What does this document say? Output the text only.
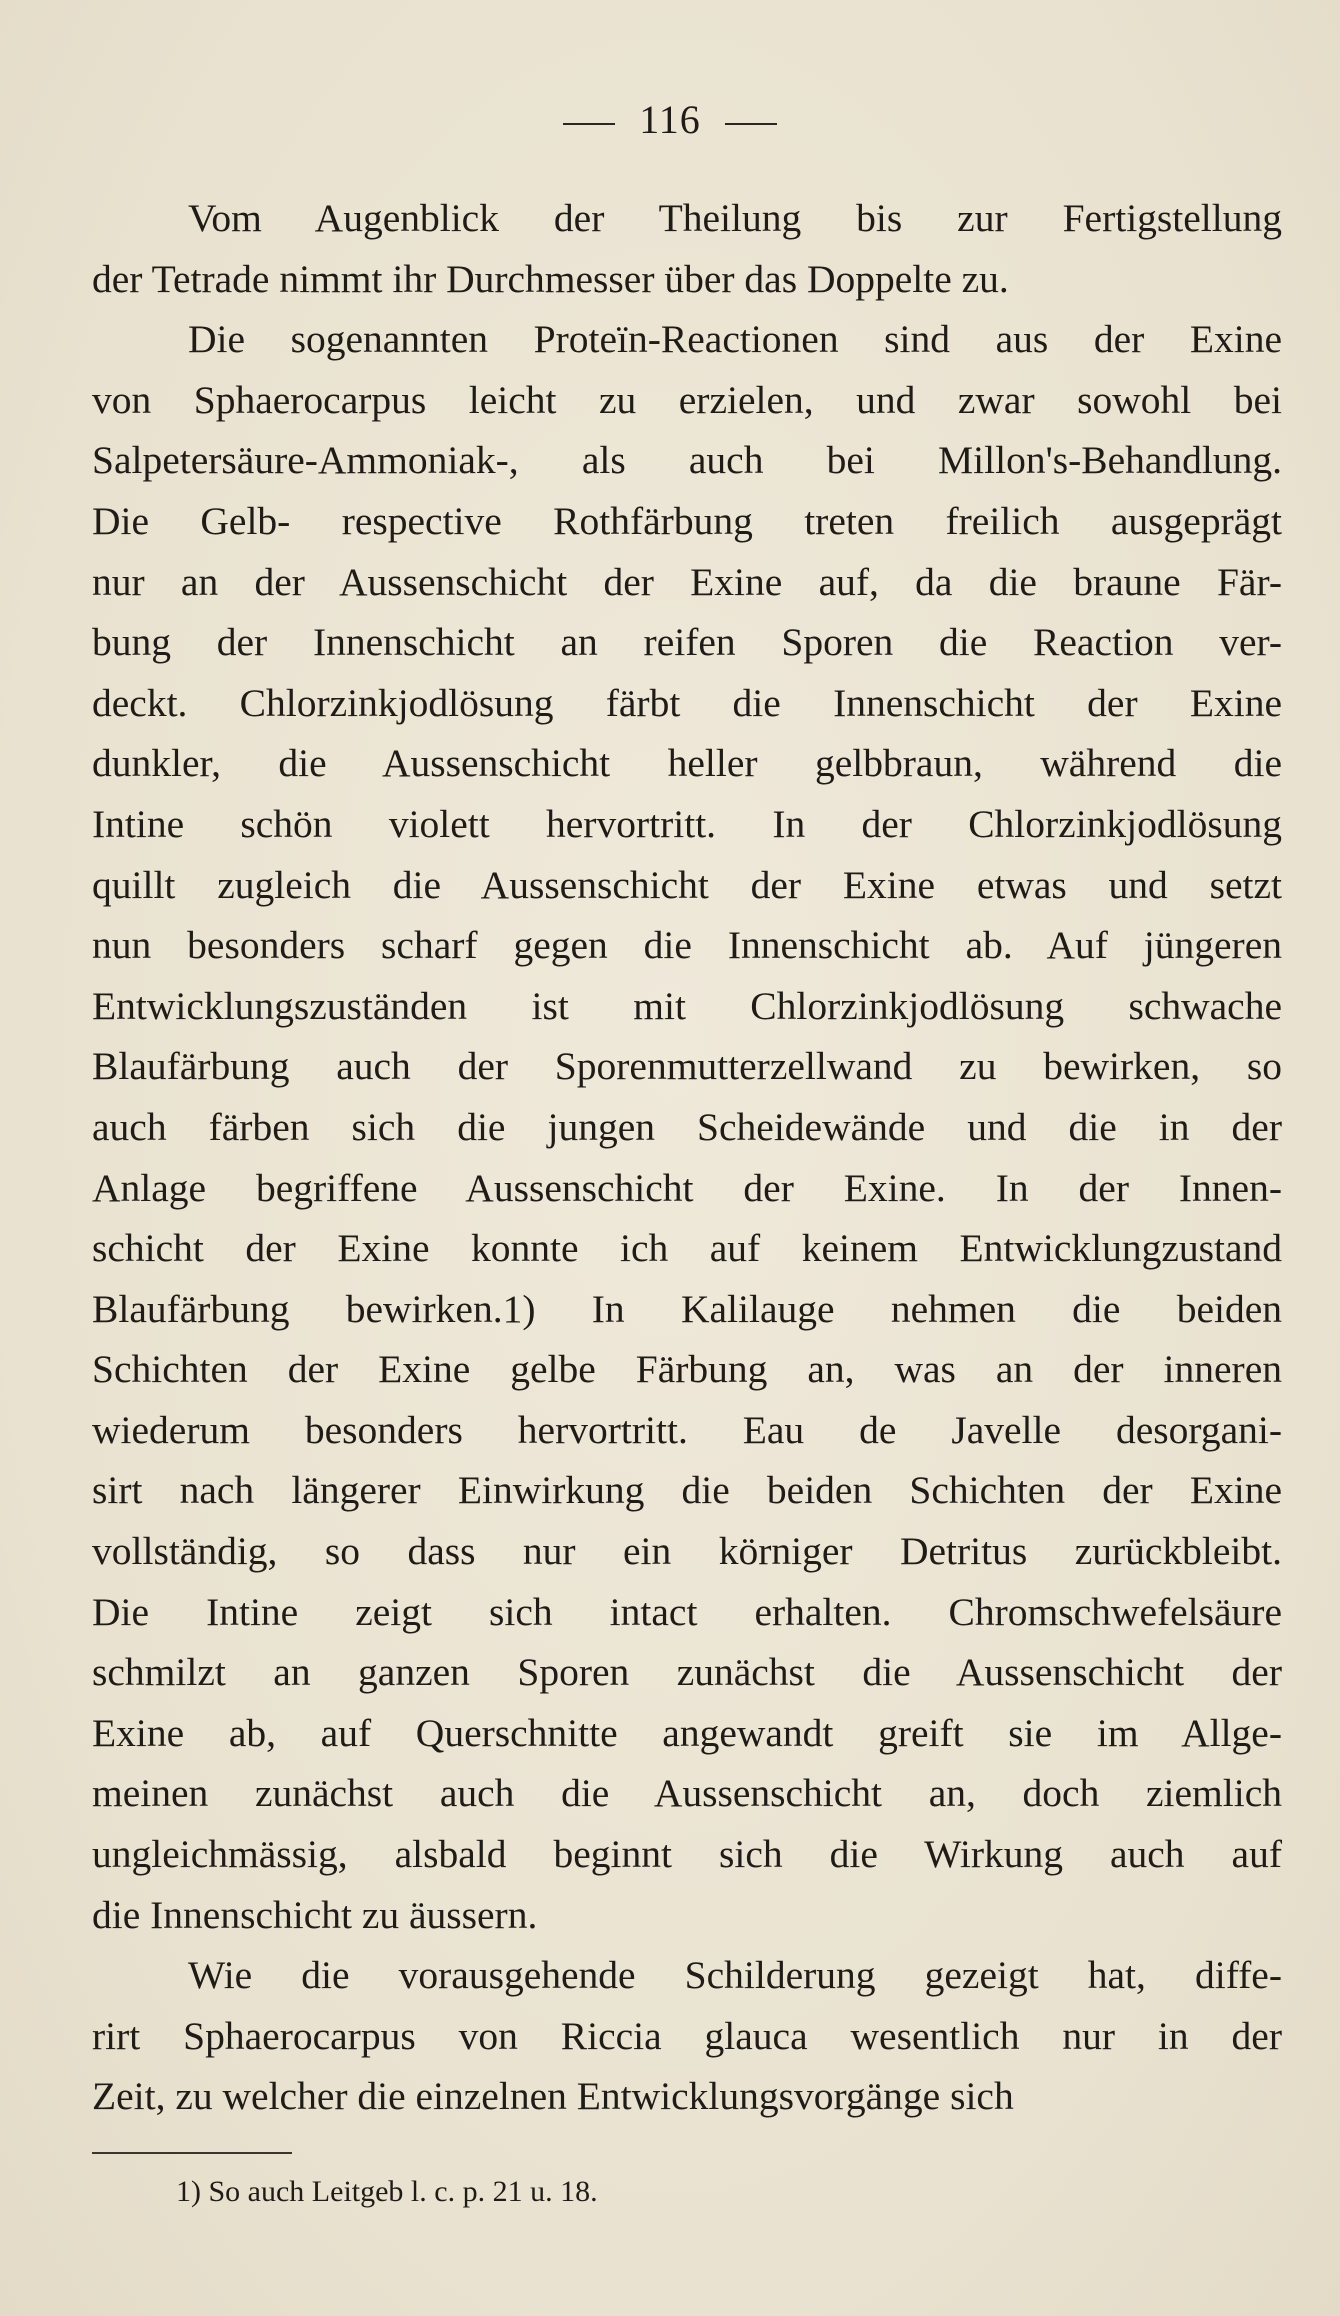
116
Vom Augenblick der Theilung bis zur Fertigstellung
der Tetrade nimmt ihr Durchmesser über das Doppelte zu.
Die sogenannten Proteïn-Reactionen sind aus der Exine
von Sphaerocarpus leicht zu erzielen, und zwar sowohl bei
Salpetersäure-Ammoniak-, als auch bei Millon's-Behandlung.
Die Gelb- respective Rothfärbung treten freilich ausgeprägt
nur an der Aussenschicht der Exine auf, da die braune Fär-
bung der Innenschicht an reifen Sporen die Reaction ver-
deckt. Chlorzinkjodlösung färbt die Innenschicht der Exine
dunkler, die Aussenschicht heller gelbbraun, während die
Intine schön violett hervortritt. In der Chlorzinkjodlösung
quillt zugleich die Aussenschicht der Exine etwas und setzt
nun besonders scharf gegen die Innenschicht ab. Auf jüngeren
Entwicklungszuständen ist mit Chlorzinkjodlösung schwache
Blaufärbung auch der Sporenmutterzellwand zu bewirken, so
auch färben sich die jungen Scheidewände und die in der
Anlage begriffene Aussenschicht der Exine. In der Innen-
schicht der Exine konnte ich auf keinem Entwicklungzustand
Blaufärbung bewirken.1) In Kalilauge nehmen die beiden
Schichten der Exine gelbe Färbung an, was an der inneren
wiederum besonders hervortritt. Eau de Javelle desorgani-
sirt nach längerer Einwirkung die beiden Schichten der Exine
vollständig, so dass nur ein körniger Detritus zurückbleibt.
Die Intine zeigt sich intact erhalten. Chromschwefelsäure
schmilzt an ganzen Sporen zunächst die Aussenschicht der
Exine ab, auf Querschnitte angewandt greift sie im Allge-
meinen zunächst auch die Aussenschicht an, doch ziemlich
ungleichmässig, alsbald beginnt sich die Wirkung auch auf
die Innenschicht zu äussern.
Wie die vorausgehende Schilderung gezeigt hat, diffe-
rirt Sphaerocarpus von Riccia glauca wesentlich nur in der
Zeit, zu welcher die einzelnen Entwicklungsvorgänge sich
1) So auch Leitgeb l. c. p. 21 u. 18.
